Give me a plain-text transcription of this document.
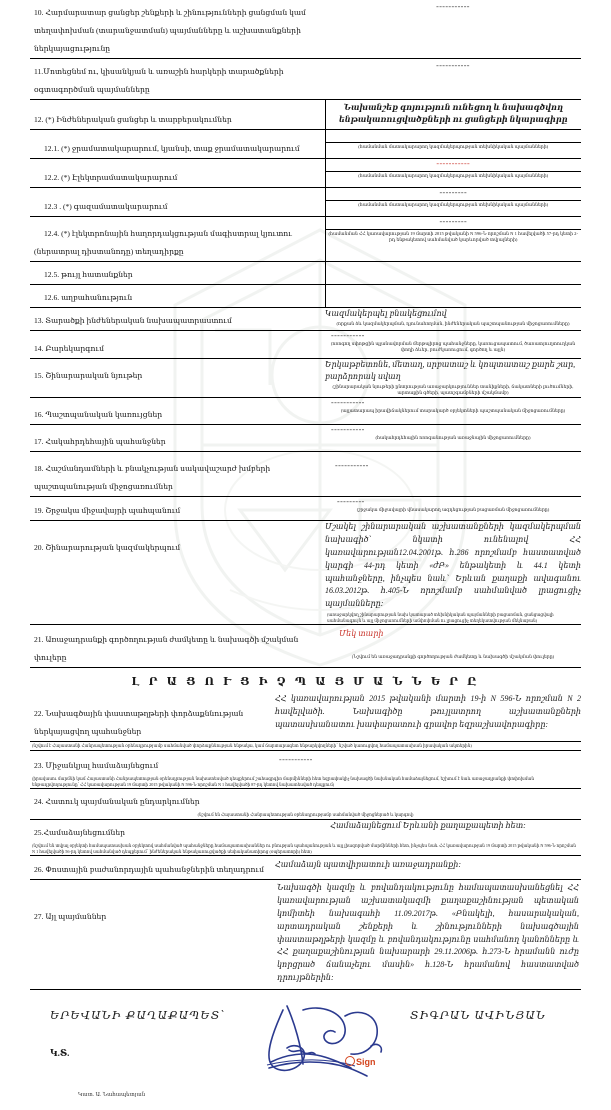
10. Հարմարատար ցանցեր շենքերի և շինությունների ցանցման կամ տեղափոխման (տարանջատման) պայմանները և աշխատանքների ներկայացությունը	-----------

11.Մոտեցնեմ ու, կիսանկյան և առաշին հարկերի տարածքների օգտագործման պայմանները	-----------

12. (*) Ինժեներական ցանցեր և տարբերակումներ	Նախանշեք գոյություն ունեցող և նախագծվող ենթակառուցվածքների ու ցանցերի նկարագիրը

12.1. (*) ջրամատակարարում, կյանսի, տաք ջրամատակարարում	(համանման մատակարարող կազմակերպության տեխնիկական պայմանների)

12.2. (*) Էլեկտրամատակարարում	-----------
(համանման մատակարարող կազմակերպության տեխնիկական պայմանների)

12.3 . (*) գազամատակարարում	---------
(համանման մատակարարող կազմակերպության տեխնիկական պայմանների)

12.4. (*) էլեկտրոնային հաղորդակցության մագիստրալ կյուտու (ներատրալ դիստանոդը) տեղադիրքը	---------
(համանման ՀՀ կառավարության 19 մարտի 2015 թվականի N 596-Ն որոշման N 1 հավելվածի 57-րդ կետի 2-րդ ենթակետով սահմանված կարևորված տվյալների)

12.5. թույլ հատանքներ	

12.6. աղբահանություն	

13. Տարածքի ինժեներական նախապատրաստում	Կազմակերպել բնակեցումով
(որքան ձև կազմակերպման, դյունահողման, ինժեներական պաշտպանության միջոցառումները)

14. Բարեկարգում	-----------
(ոռոգող սփոթցին պլանավորման մերթպիրոց պահանջները, կառուցապատում, ծառատյուղտուղկան փողի ձևեր, բուժկառուցում, գործող և այլն)

15. Շինարարական նյութեր	Երկաթբետոնե, մետաղ, սրբատաշ և կոպտատաշ քարե շար, բարձրորակ սվաղ
(շինարարական նյութերի ընտրության առաջարկություններ տանիքների, ճակատների լուծումների, արտաքին գծերի, պատշգամբների մշակմամբ)

16. Պաշտպանական կառույցներ	-----------
(այլատարապ իրավիճակներում տարակարծ օբյեկտների պաշտպանական միջոցառումները)

17. Հակահրդեհային պահանջներ	-----------
(հակահրդեհային ոռոգանության առաջնային միջոցառումները)

18. Հաշմանդամների և բնակչության սակավաշարժ խմբերի պաշտպանության միջոցառումներ	-----------

19. Շրջակա միջավայրի պահպանում	---------
(շրջակա միջավայրի վնասակարող ազդեցության բացառման միջոցառումները)

20. Շինարարության կազմակերպում	Մշակել շինարարական աշխատանքների կազմակերպման նախագիծ՝ նկատի ունենալով ՀՀ կառավարության12.04.2001թ. հ.286 որոշմամբ հաստատված կարգի 44-րդ կետի «ժԲ» ենթակետի և 44.1 կետի պահանջները, ինչպես նաև՝ Երևան քաղաքի ավագանու 16.03.2012թ. հ.405-Ն որոշմամբ սահմանված լրացուցիչ պայմանները:
(առաջարկվող շինարարության նախ կատարած տեխնիկական պայմանների բացառման, ցանցացվալի սահմանագույն և այլ միջոցառումների ամփոփման ու լրացուցիչ տեղեկատվության մեկնաբան)

21. Առաջադրանքի գործողության ժամկետը և նախագծի մշակման փուլերը	Մեկ տարի
(Նշվում են առաջադրանքի գործողության ժամկետը և նախագծի մշակման փուլերը)
Լ Ր Ա Ց Ո Ւ Ց Ի Չ Պ Ա Յ Մ Ա Ն Ն Ե Ր Ը
22. Նախագծային փաստաթղթերի փորձաքննության ներկայացվող պահանջներ	ՀՀ կառավարության 2015 թվականի մարտի 19-ի N 596-Ն որոշման N 2 հավելվածի. Նախագիծը թույլատրող աշխատանքների պատասխանատու խափարատուի գրավոր եզրաշխավորագիրը:

(նշվում է Հայաստանի Հանրապետության օրենսդրությամբ սահմանված փորձաքննության ենթակա, կամ ճարտարագետ ենթարկվողների՝ նշված կառուցվող համապատասխան իրավական ակտերին)	

23. Միջանկյալ համաձայնեցում	-----------

(իրավասու մարմնի կամ Հայաստանի Հանրապետության օրենսդրության նախատեսված դեպքերում շահագրգիռ մարմինների հետ եզրափակիչ նախագծի նախնական համաձայնեցում, եշխում է նաև առաջադրանքի փոփոխման ենթադրվողությունը՝ ՀՀ կառավարության 19 մարտի 2015 թվականի N 596-Ն որոշման N 1 հավելվածի 87-րդ կետով նախատեսված դեպքում)	

24. Հատուկ պայմանական ընդարկումներ	

(նշվում են Հայաստանի Հանրապետության օրենսդրությամբ սահմանված միջոցներած և կարգով)	

25.Համաձայնեցումներ	Համաձայնեցում Երևանի քաղաքապետի հետ:

(նշվում են տվյալ օբյեկտի համապատասխան օբյեկտով սահմանված պահանջները համապատասխաններ ու բնության պահպանության և այլ լիազորված մարմինների հետ, ինչպես նաև ՀՀ կառավարության 19 մարտի 2015 թվականի N 596-Ն որոշման N 1 հավելվածի 56-րդ կետով սահմանված դեպքերում՝ ինժեներական ենթակառուցվածքի սեփականատիրոց (օպերատորի) հետ)	

26. Փոստային բաժանորդային պահանջներին տեղադրում	Համաձայն պատվիրատուի առաջադրանքի:

27. Այլ պայմաններ	Նախագծի կազմը և բովանդակությունը համապատասխանեցնել ՀՀ կառավարության աշխատակազմի քաղաքաշինության պետական կոմիտեի նախագահի 11.09.2017թ. «Բնակելի, հասարակական, արտադրական շենքերի և շինությունների նախագծային փաստաթղթերի կազմը և բովանդակությունը սահմանող կանոնները և ՀՀ քաղաքաշինության նախարարի 29.11.2006թ. հ.273-Ն հրամանն ուժը կորցրած ճանաչելու մասին» հ.128-Ն հրամանով հաստատված դրույթներին:
ԵՐԵՎԱՆԻ ՔԱՂԱՔԱՊԵՏ՝	ՏԻԳՐԱՆ ԱՎԻՆՅԱՆ
Կ.Տ.
Կատ. Ա. Նահապետյան
Sign
